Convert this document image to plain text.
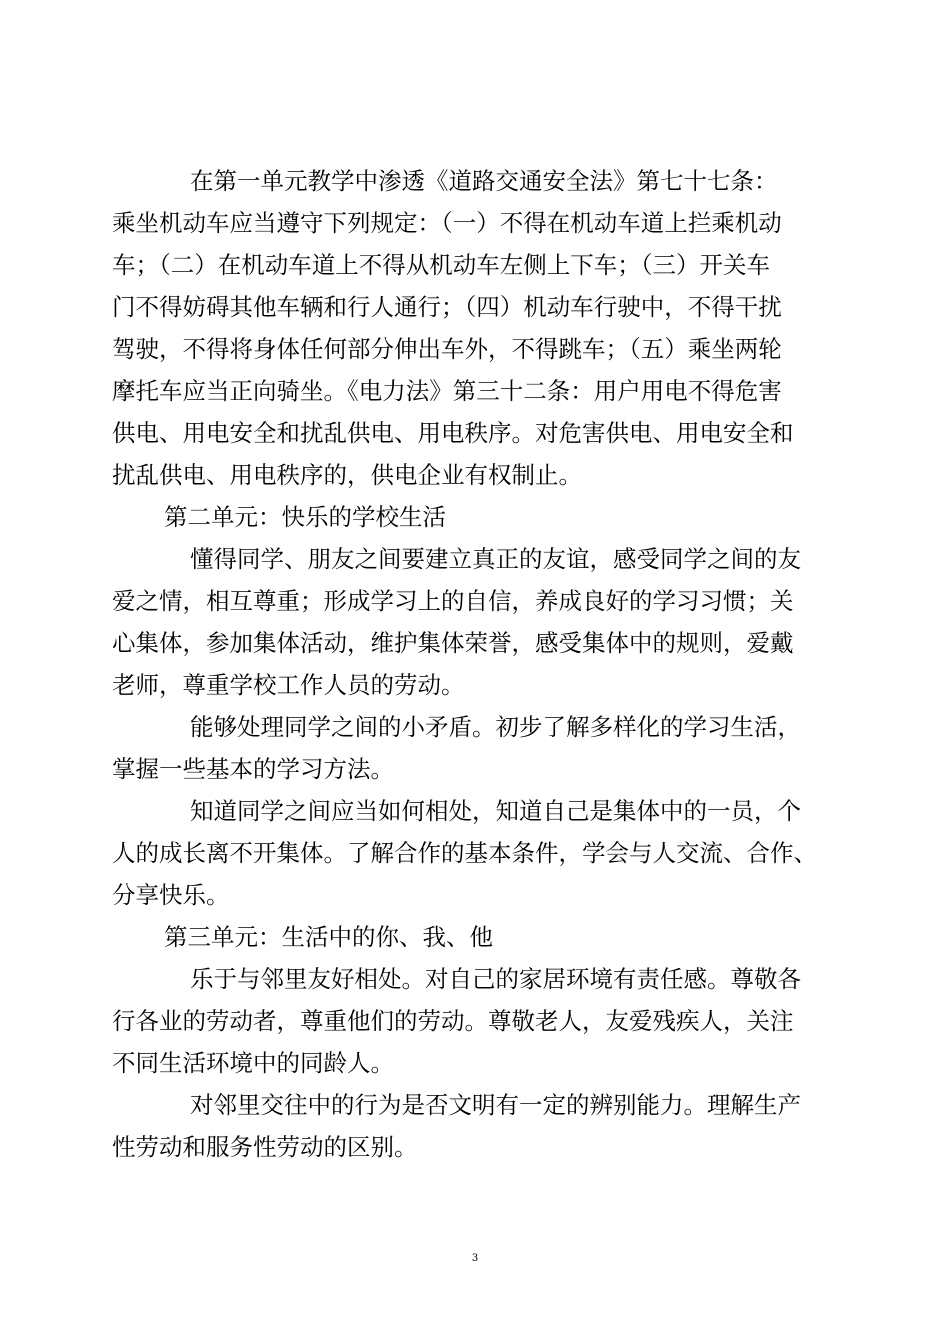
在第一单元教学中渗透《道路交通安全法》第七十七条：
乘坐机动车应当遵守下列规定：（一）不得在机动车道上拦乘机动
车；（二）在机动车道上不得从机动车左侧上下车；（三）开关车
门不得妨碍其他车辆和行人通行；（四）机动车行驶中，不得干扰
驾驶，不得将身体任何部分伸出车外，不得跳车；（五）乘坐两轮
摩托车应当正向骑坐。《电力法》第三十二条：用户用电不得危害
供电、用电安全和扰乱供电、用电秩序。对危害供电、用电安全和
扰乱供电、用电秩序的，供电企业有权制止。
第二单元：快乐的学校生活
懂得同学、朋友之间要建立真正的友谊，感受同学之间的友
爱之情，相互尊重；形成学习上的自信，养成良好的学习习惯；关
心集体，参加集体活动，维护集体荣誉，感受集体中的规则，爱戴
老师，尊重学校工作人员的劳动。
能够处理同学之间的小矛盾。初步了解多样化的学习生活，
掌握一些基本的学习方法。
知道同学之间应当如何相处，知道自己是集体中的一员，个
人的成长离不开集体。了解合作的基本条件，学会与人交流、合作、
分享快乐。
第三单元：生活中的你、我、他
乐于与邻里友好相处。对自己的家居环境有责任感。尊敬各
行各业的劳动者，尊重他们的劳动。尊敬老人，友爱残疾人，关注
不同生活环境中的同龄人。
对邻里交往中的行为是否文明有一定的辨别能力。理解生产
性劳动和服务性劳动的区别。
3
